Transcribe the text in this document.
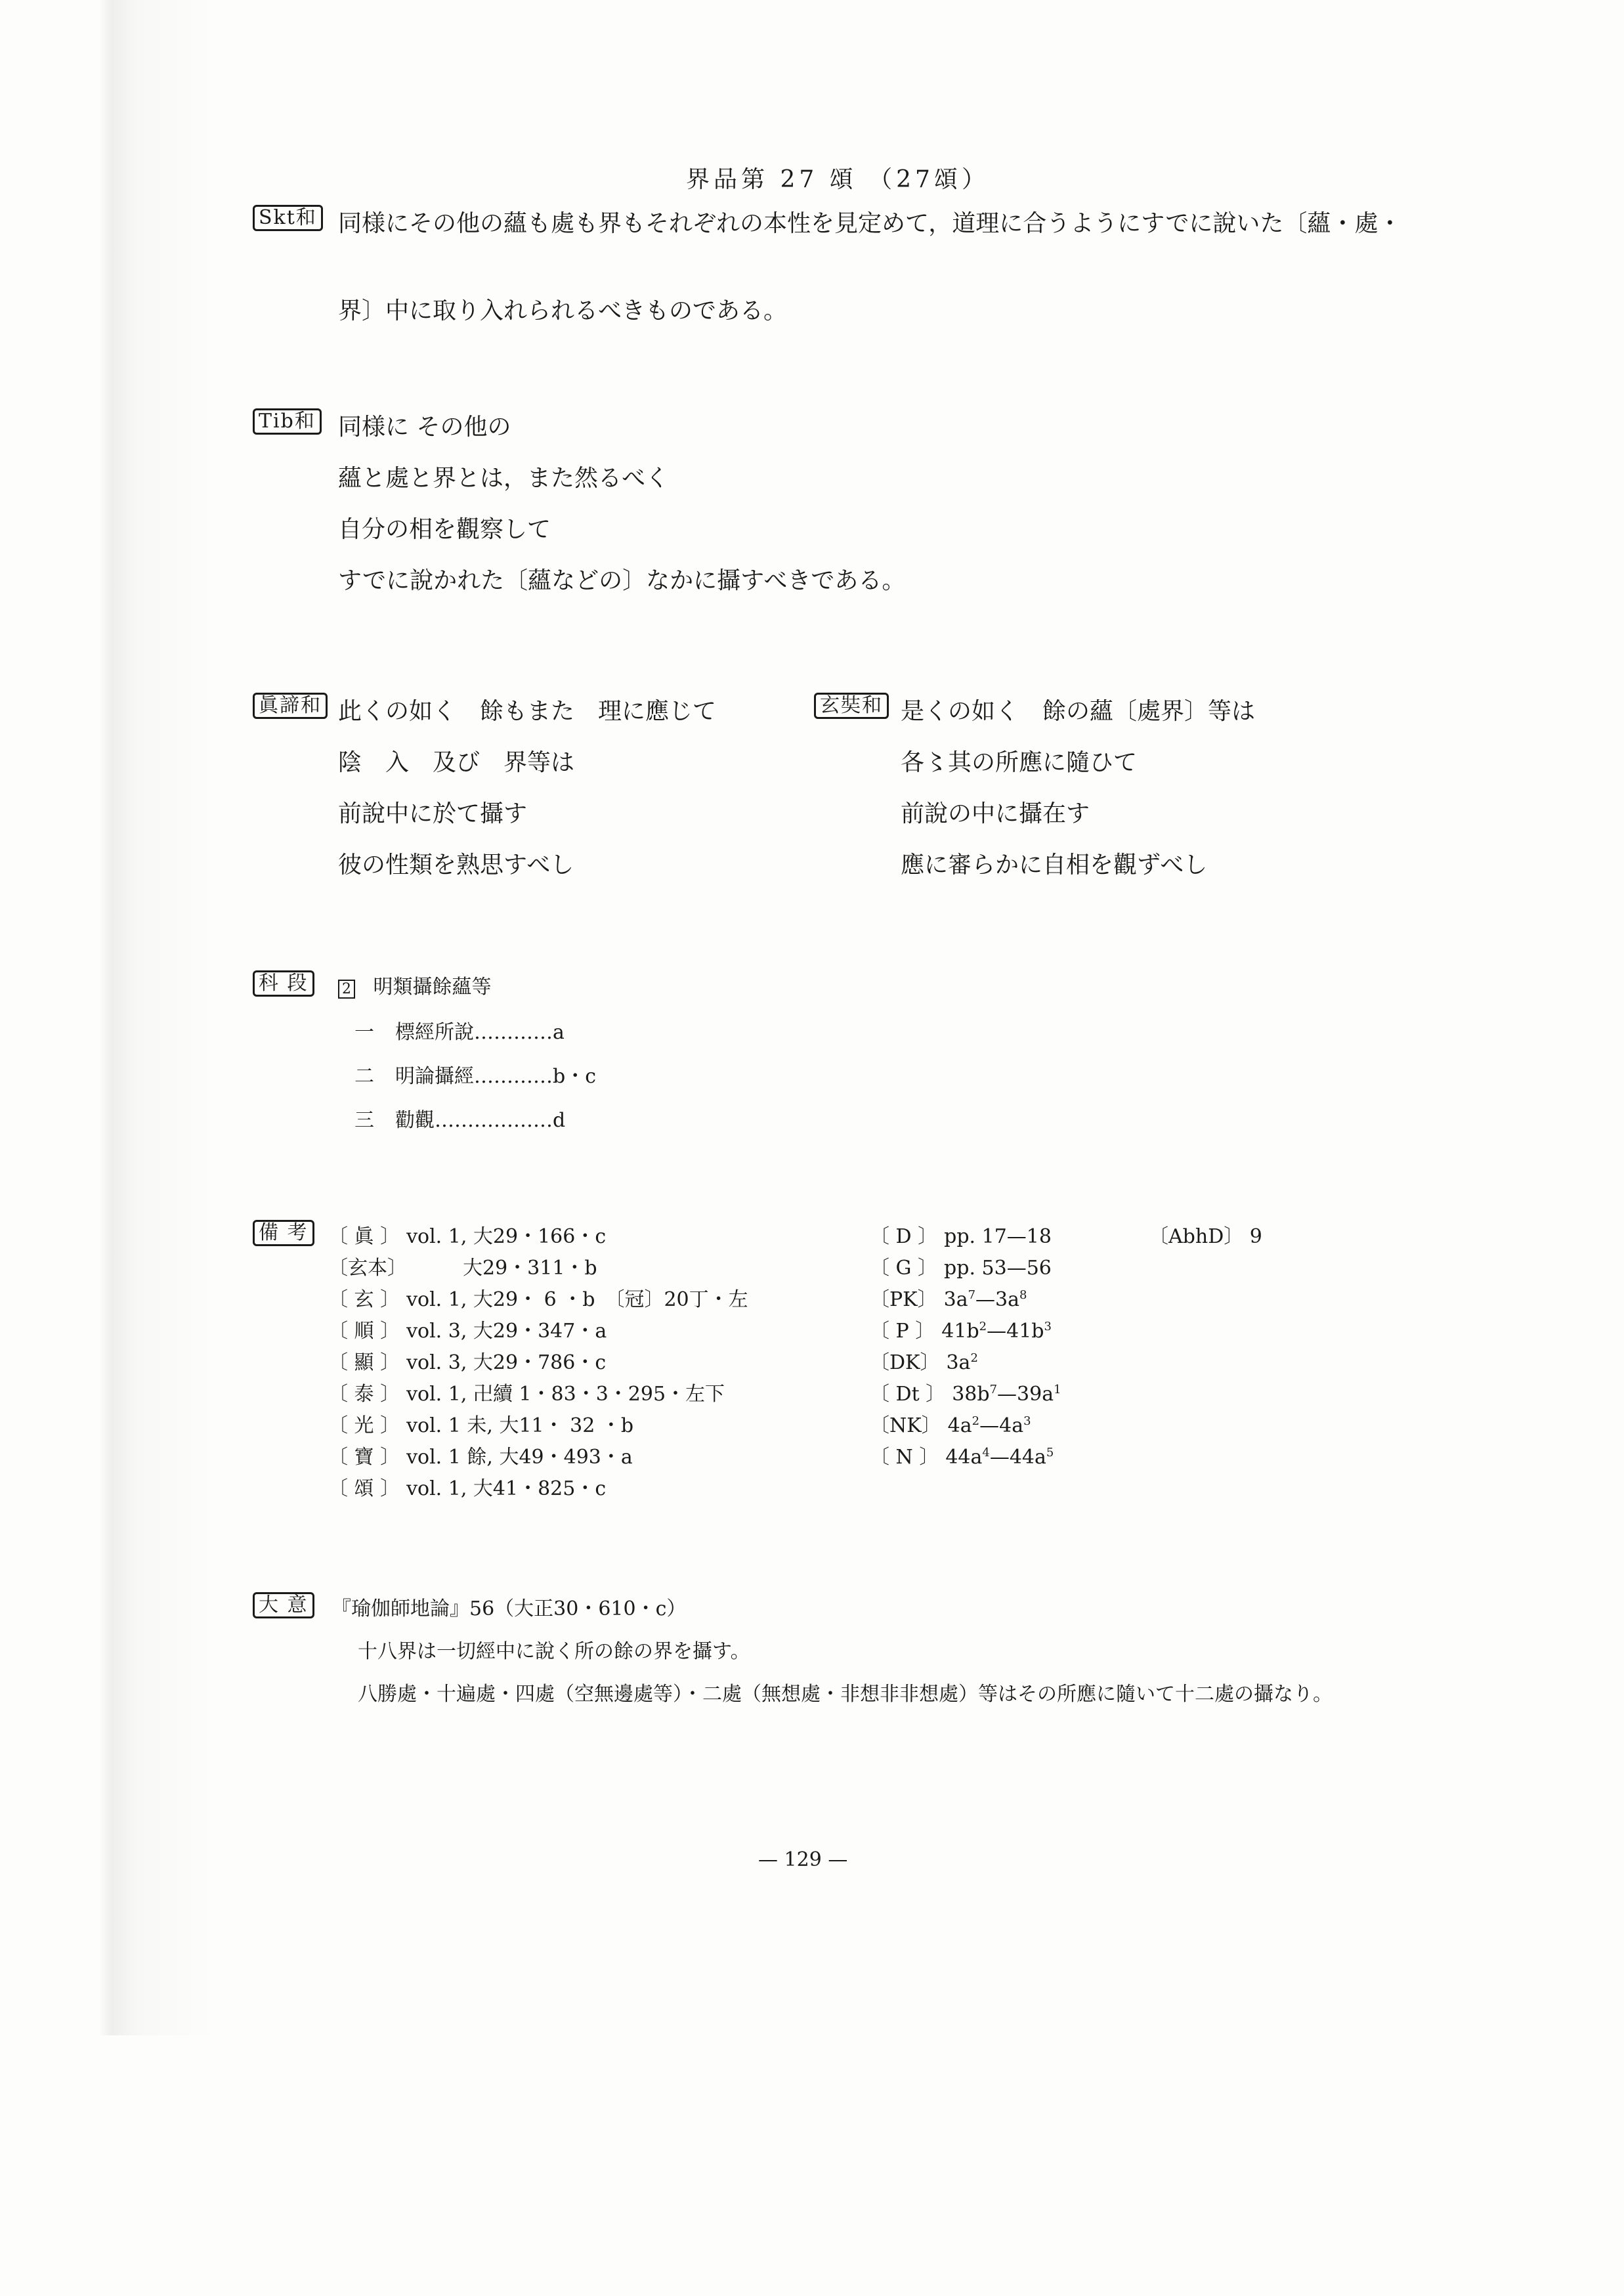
界品第 27 頌 （27頌）
Skt和 同様にその他の蘊も處も界もそれぞれの本性を見定めて，道理に合うようにすでに說いた〔蘊・處・
界〕中に取り入れられるべきものである。
Tib和 同様に その他の
蘊と處と界とは，また然るべく
自分の相を觀察して
すでに說かれた〔蘊などの〕なかに攝すべきである。
眞諦和 此くの如く　餘もまた　理に應じて
陰　入　及び　界等は
前說中に於て攝す
彼の性類を熟思すべし
玄奘和 是くの如く　餘の蘊〔處界〕等は
各〻其の所應に隨ひて
前說の中に攝在す
應に審らかに自相を觀ずべし
科 段	2 明類攝餘蘊等
一 標經所說…………a
二 明論攝經…………b・c
三 勸觀………………d
備 考	〔 眞 〕 vol. 1, 大29・166・c
〔玄本〕　　　大29・311・b
〔 玄 〕 vol. 1, 大29・ 6 ・b　〔冠〕20丁・左
〔 順 〕 vol. 3, 大29・347・a
〔 顯 〕 vol. 3, 大29・786・c
〔 泰 〕 vol. 1, 卍續 1・83・3・295・左下
〔 光 〕 vol. 1 未, 大11・ 32 ・b
〔 寶 〕 vol. 1 餘, 大49・493・a
〔 頌 〕 vol. 1, 大41・825・c
〔 D 〕 pp. 17—18
〔 G 〕 pp. 53—56
〔PK〕 $3a^7—3a^8$
〔 P 〕 $41b^2—41b^3$
〔DK〕 $3a^2$
〔 Dt 〕 $38b^7—39a^1$
〔NK〕 $4a^2—4a^3$
〔 N 〕 $44a^4—44a^5$
〔AbhD〕 9
大 意	『瑜伽師地論』56（大正30・610・c）
十八界は一切經中に說く所の餘の界を攝す。
八勝處・十遍處・四處（空無邊處等）・二處（無想處・非想非非想處）等はその所應に隨いて十二處の攝なり。
— 129 —
